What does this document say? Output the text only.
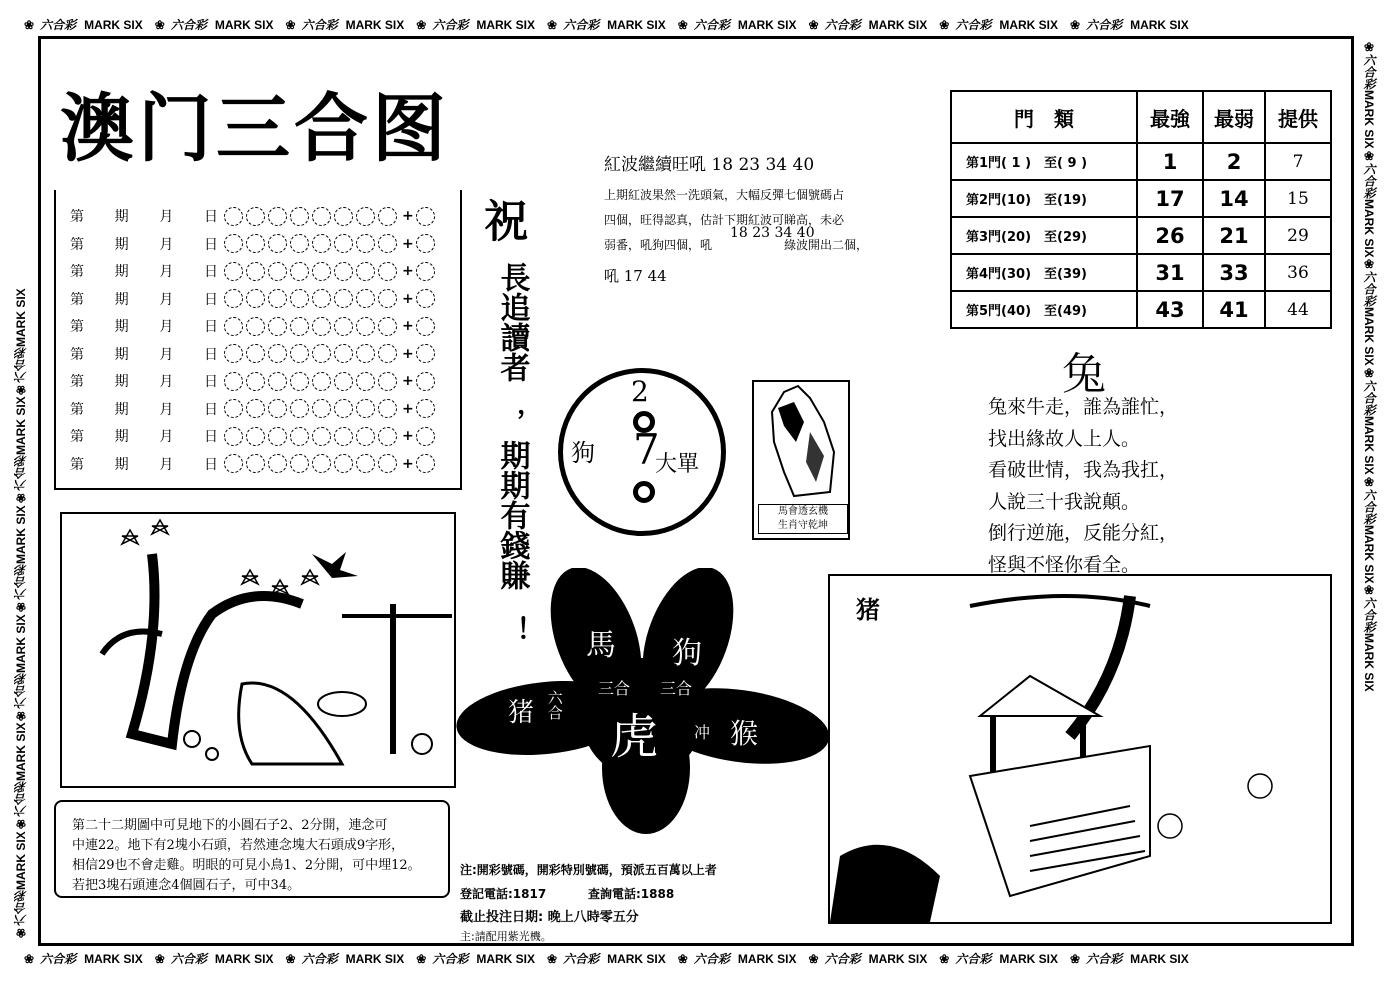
❀ 六合彩 MARK SIX ❀ 六合彩 MARK SIX ❀ 六合彩 MARK SIX ❀ 六合彩 MARK SIX ❀ 六合彩 MARK SIX ❀ 六合彩 MARK SIX ❀ 六合彩 MARK SIX ❀ 六合彩 MARK SIX ❀ 六合彩 MARK SIX
❀ 六合彩 MARK SIX ❀ 六合彩 MARK SIX ❀ 六合彩 MARK SIX ❀ 六合彩 MARK SIX ❀ 六合彩 MARK SIX ❀ 六合彩 MARK SIX ❀ 六合彩 MARK SIX ❀ 六合彩 MARK SIX ❀ 六合彩 MARK SIX
❀六合彩MARK SIX❀六合彩MARK SIX❀六合彩MARK SIX❀六合彩MARK SIX❀六合彩MARK SIX❀六合彩MARK SIX
❀六合彩MARK SIX❀六合彩MARK SIX❀六合彩MARK SIX❀六合彩MARK SIX❀六合彩MARK SIX❀六合彩MARK SIX
澳门三合图
第 期 月 日	+
第 期 月 日	+
第 期 月 日	+
第 期 月 日	+
第 期 月 日	+
第 期 月 日	+
第 期 月 日	+
第 期 月 日	+
第 期 月 日	+
第 期 月 日	+
祝
長追讀者
，
期期有錢賺
！
紅波繼續旺吼 18 23 34 40
上期紅波果然一洗頭氣，大幅反彈七個號碼占
四個，旺得認真，估計下期紅波可睇高，未必
弱番，吼狗四個，吼	綠波開出二個，
18 23 34 40
吼 17 44
門　類	最強	最弱	提供
第1門( 1 )　至( 9 )	1	2	7
第2門(10)　至(19)	17	14	15
第3門(20)　至(29)	26	21	29
第4門(30)　至(39)	31	33	36
第5門(40)　至(49)	43	41	44
2
狗 7
大單
馬會透玄機
生肖守乾坤
兔
兔來牛走，誰為誰忙，
找出緣故人上人。
看破世情，我為我扛，
人說三十我說顛。
倒行逆施，反能分紅，
怪與不怪你看全。
馬 狗
三合 三合
猪 六合
虎 冲 猴
猪
第二十二期圖中可見地下的小圓石子2、2分開，連念可
中連22。地下有2塊小石頭，若然連念塊大石頭成9字形，
相信29也不會走雞。明眼的可見小鳥1、2分開，可中埋12。
若把3塊石頭連念4個圓石子，可中34。
注:開彩號碼，開彩特別號碼，預派五百萬以上者
登記電話:1817	查詢電話:1888
截止投注日期: 晚上八時零五分
主:請配用紫光機。
